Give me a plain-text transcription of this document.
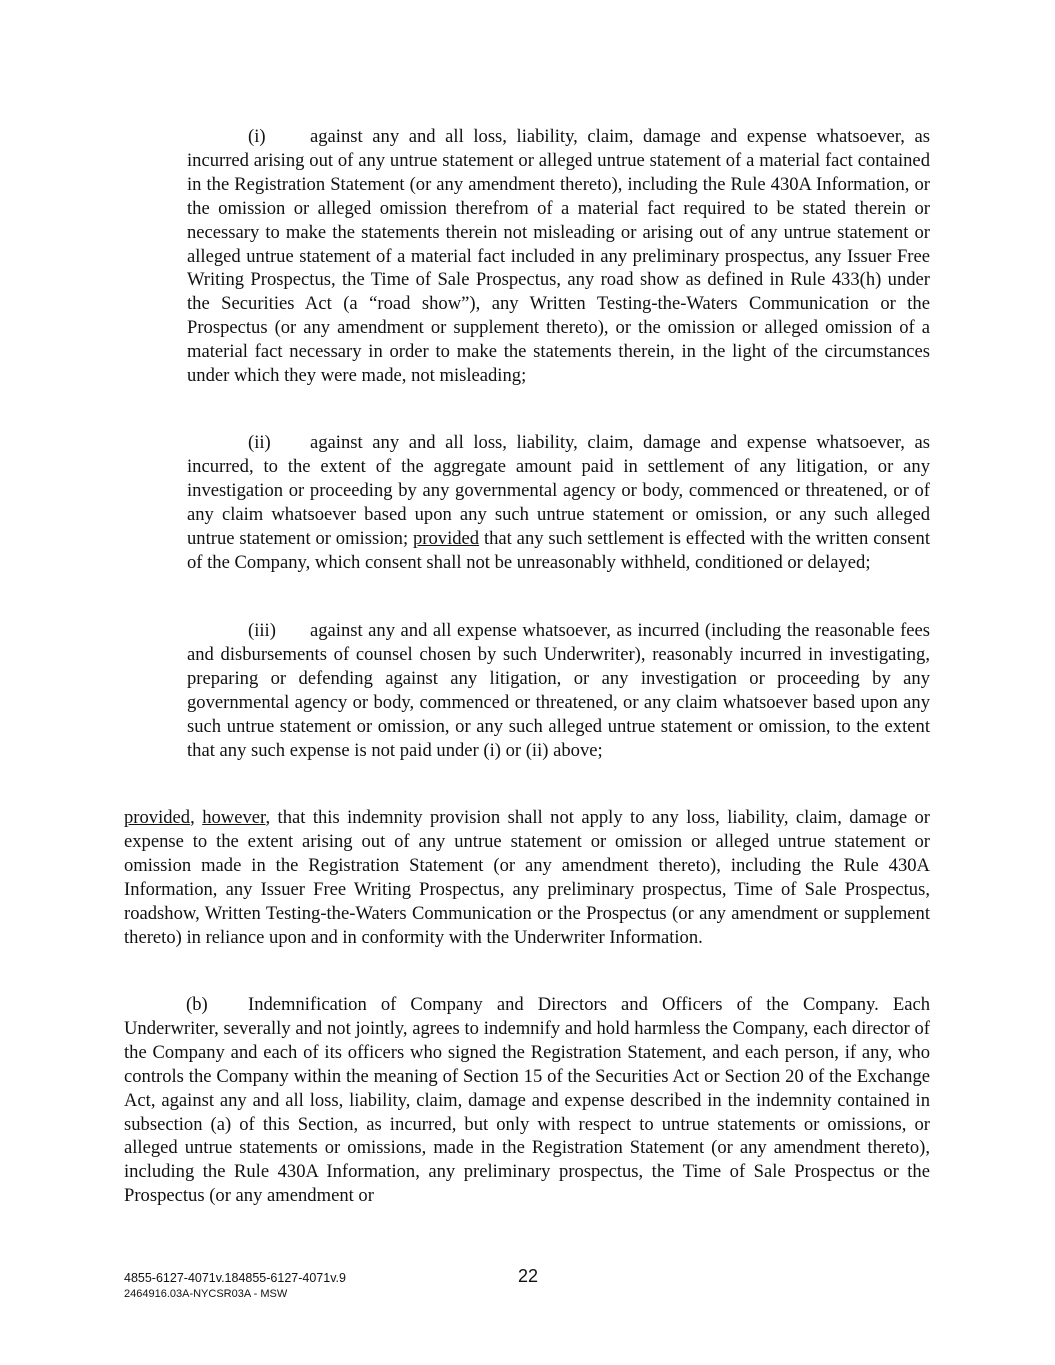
(i) against any and all loss, liability, claim, damage and expense whatsoever, as incurred arising out of any untrue statement or alleged untrue statement of a material fact contained in the Registration Statement (or any amendment thereto), including the Rule 430A Information, or the omission or alleged omission therefrom of a material fact required to be stated therein or necessary to make the statements therein not misleading or arising out of any untrue statement or alleged untrue statement of a material fact included in any preliminary prospectus, any Issuer Free Writing Prospectus, the Time of Sale Prospectus, any road show as defined in Rule 433(h) under the Securities Act (a “road show”), any Written Testing-the-Waters Communication or the Prospectus (or any amendment or supplement thereto), or the omission or alleged omission of a material fact necessary in order to make the statements therein, in the light of the circumstances under which they were made, not misleading;

(ii) against any and all loss, liability, claim, damage and expense whatsoever, as incurred, to the extent of the aggregate amount paid in settlement of any litigation, or any investigation or proceeding by any governmental agency or body, commenced or threatened, or of any claim whatsoever based upon any such untrue statement or omission, or any such alleged untrue statement or omission; provided that any such settlement is effected with the written consent of the Company, which consent shall not be unreasonably withheld, conditioned or delayed;

(iii) against any and all expense whatsoever, as incurred (including the reasonable fees and disbursements of counsel chosen by such Underwriter), reasonably incurred in investigating, preparing or defending against any litigation, or any investigation or proceeding by any governmental agency or body, commenced or threatened, or any claim whatsoever based upon any such untrue statement or omission, or any such alleged untrue statement or omission, to the extent that any such expense is not paid under (i) or (ii) above;

provided, however, that this indemnity provision shall not apply to any loss, liability, claim, damage or expense to the extent arising out of any untrue statement or omission or alleged untrue statement or omission made in the Registration Statement (or any amendment thereto), including the Rule 430A Information, any Issuer Free Writing Prospectus, any preliminary prospectus, Time of Sale Prospectus, roadshow, Written Testing-the-Waters Communication or the Prospectus (or any amendment or supplement thereto) in reliance upon and in conformity with the Underwriter Information.

(b) Indemnification of Company and Directors and Officers of the Company. Each Underwriter, severally and not jointly, agrees to indemnify and hold harmless the Company, each director of the Company and each of its officers who signed the Registration Statement, and each person, if any, who controls the Company within the meaning of Section 15 of the Securities Act or Section 20 of the Exchange Act, against any and all loss, liability, claim, damage and expense described in the indemnity contained in subsection (a) of this Section, as incurred, but only with respect to untrue statements or omissions, or alleged untrue statements or omissions, made in the Registration Statement (or any amendment thereto), including the Rule 430A Information, any preliminary prospectus, the Time of Sale Prospectus or the Prospectus (or any amendment or

4855-6127-4071v.184855-6127-4071v.9
2464916.03A-NYCSR03A - MSW
22
